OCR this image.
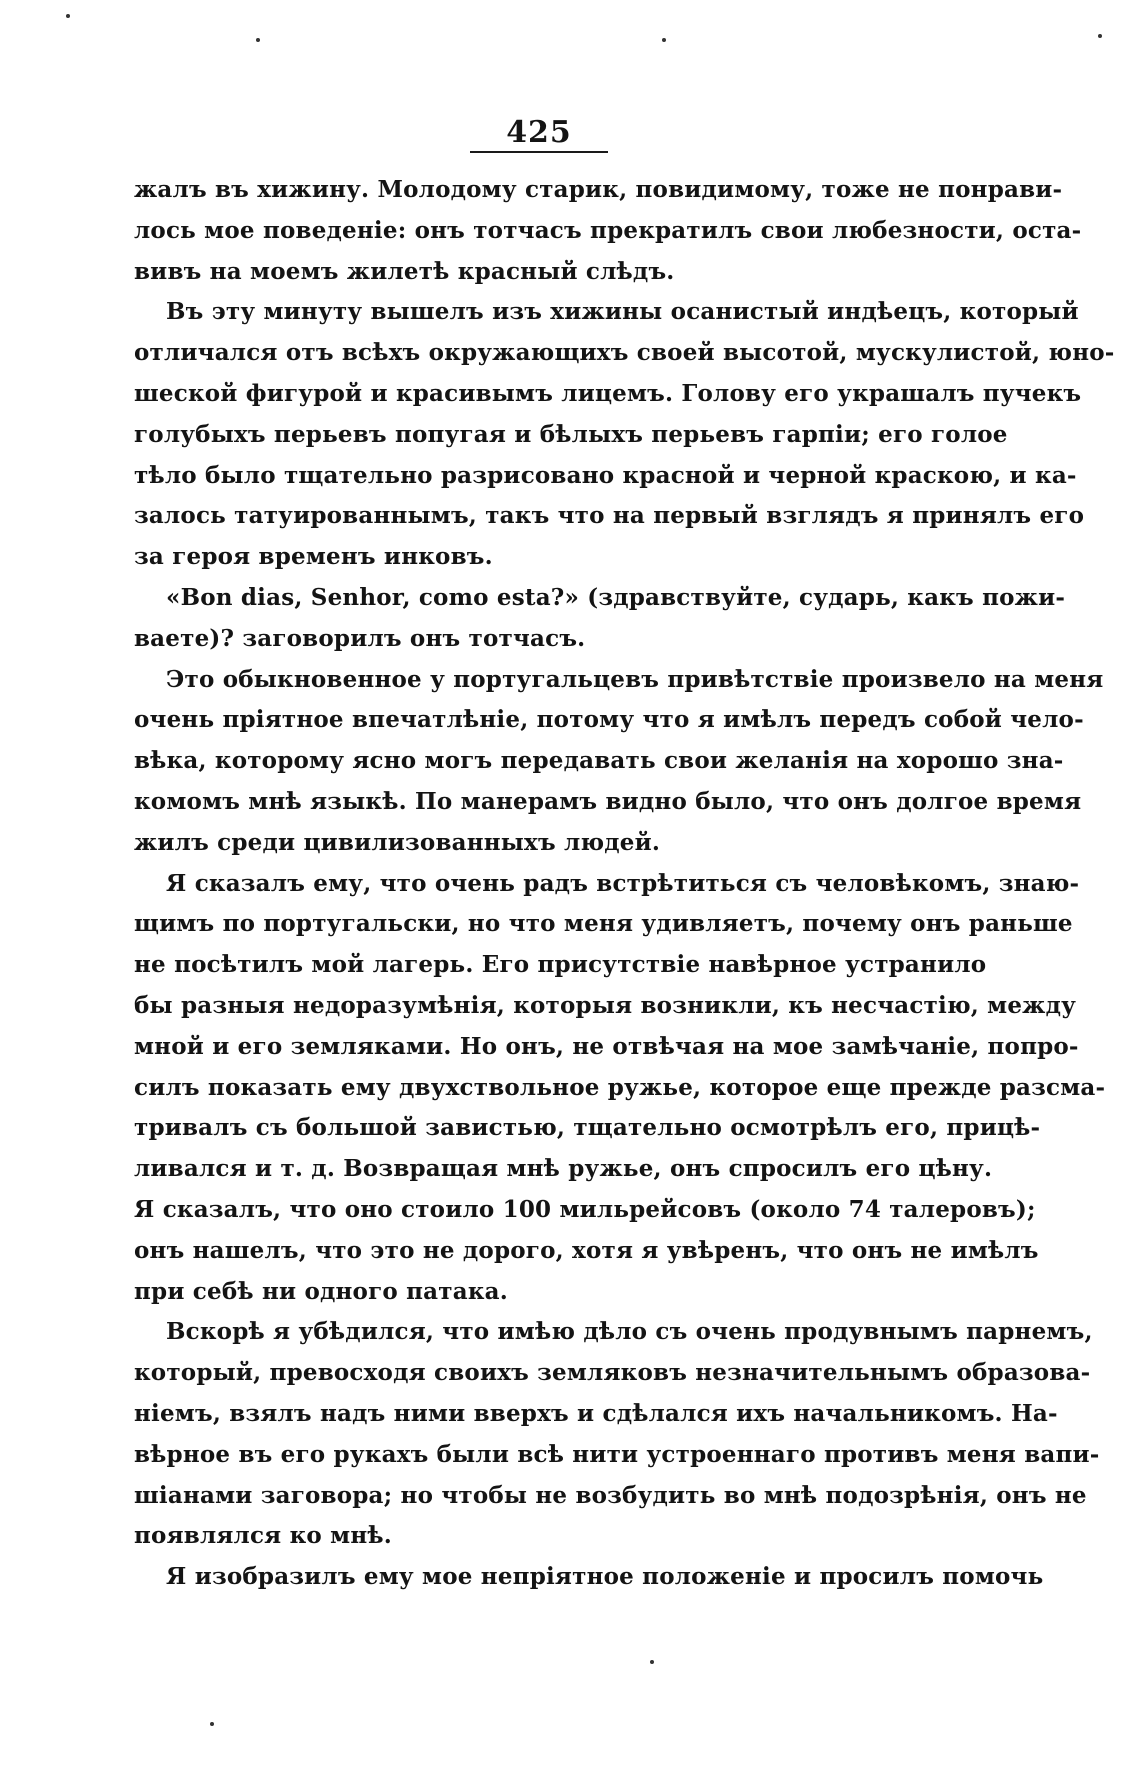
425
жалъ въ хижину. Молодому старик, повидимому, тоже не понрави-
лось мое поведеніе: онъ тотчасъ прекратилъ свои любезности, оста-
вивъ на моемъ жилетѣ красный слѣдъ.
Въ эту минуту вышелъ изъ хижины осанистый индѣецъ, который
отличался отъ всѣхъ окружающихъ своей высотой, мускулистой, юно-
шеской фигурой и красивымъ лицемъ. Голову его украшалъ пучекъ
голубыхъ перьевъ попугая и бѣлыхъ перьевъ гарпіи; его голое
тѣло было тщательно разрисовано красной и черной краскою, и ка-
залось татуированнымъ, такъ что на первый взглядъ я принялъ его
за героя временъ инковъ.
«Bon dias, Senhor, como esta?» (здравствуйте, сударь, какъ пожи-
ваете)? заговорилъ онъ тотчасъ.
Это обыкновенное у португальцевъ привѣтствіе произвело на меня
очень пріятное впечатлѣніе, потому что я имѣлъ передъ собой чело-
вѣка, которому ясно могъ передавать свои желанія на хорошо зна-
комомъ мнѣ языкѣ. По манерамъ видно было, что онъ долгое время
жилъ среди цивилизованныхъ людей.
Я сказалъ ему, что очень радъ встрѣтиться съ человѣкомъ, знаю-
щимъ по португальски, но что меня удивляетъ, почему онъ раньше
не посѣтилъ мой лагерь. Его присутствіе навѣрное устранило
бы разныя недоразумѣнія, которыя возникли, къ несчастію, между
мной и его земляками. Но онъ, не отвѣчая на мое замѣчаніе, попро-
силъ показать ему двухствольное ружье, которое еще прежде разсма-
тривалъ съ большой завистью, тщательно осмотрѣлъ его, прицѣ-
ливался и т. д. Возвращая мнѣ ружье, онъ спросилъ его цѣну.
Я сказалъ, что оно стоило 100 мильрейсовъ (около 74 талеровъ);
онъ нашелъ, что это не дорого, хотя я увѣренъ, что онъ не имѣлъ
при себѣ ни одного патака.
Вскорѣ я убѣдился, что имѣю дѣло съ очень продувнымъ парнемъ,
который, превосходя своихъ земляковъ незначительнымъ образова-
ніемъ, взялъ надъ ними вверхъ и сдѣлался ихъ начальникомъ. На-
вѣрное въ его рукахъ были всѣ нити устроеннаго противъ меня вапи-
шіанами заговора; но чтобы не возбудить во мнѣ подозрѣнія, онъ не
появлялся ко мнѣ.
Я изобразилъ ему мое непріятное положеніе и просилъ помочь
